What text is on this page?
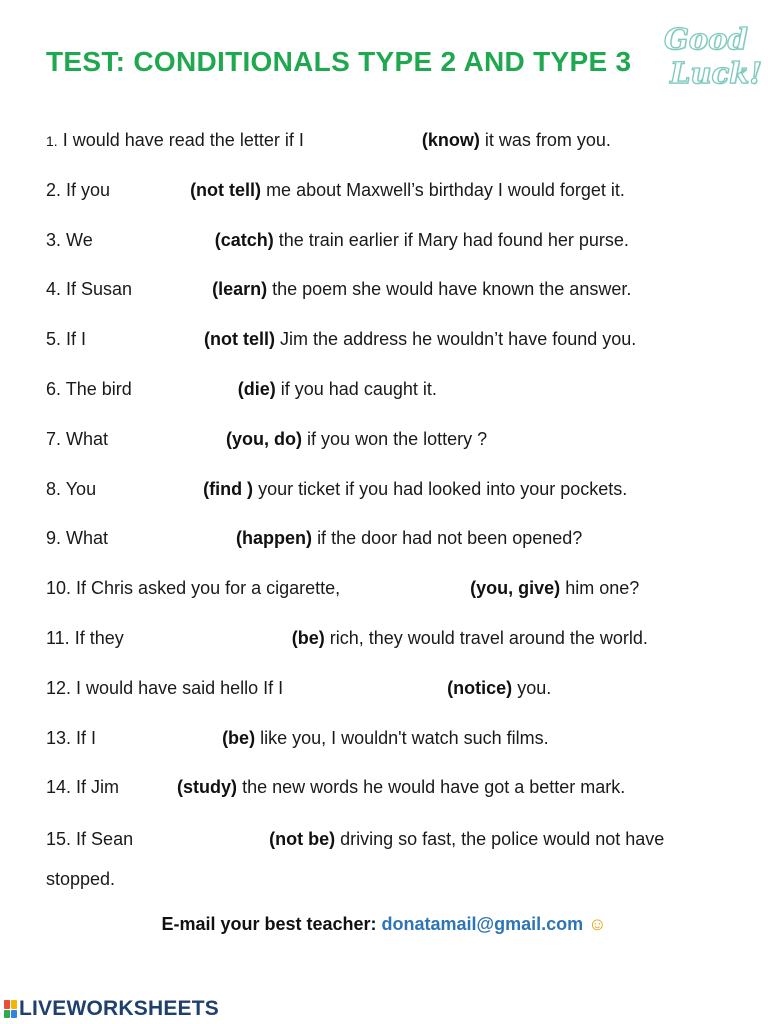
TEST: CONDITIONALS TYPE 2 AND TYPE 3
Good
Luck!
1. I would have read the letter if I	(know) it was from you.
2. If you	(not tell) me about Maxwell’s birthday I would forget it.
3. We	(catch) the train earlier if Mary had found her purse.
4. If Susan	(learn) the poem she would have known the answer.
5. If I	(not tell) Jim the address he wouldn’t have found you.
6. The bird	(die) if you had caught it.
7. What	(you, do) if you won the lottery ?
8. You	(find ) your ticket if you had looked into your pockets.
9. What	(happen) if the door had not been opened?
10. If Chris asked you for a cigarette,	(you, give) him one?
11. If they	(be) rich, they would travel around the world.
12. I would have said hello If I	(notice) you.
13. If I	(be) like you, I wouldn't watch such films.
14. If Jim	(study) the new words he would have got a better mark.
15. If Sean	(not be) driving so fast, the police would not have stopped.
E-mail your best teacher: donatamail@gmail.com ☺
LIVEWORKSHEETS
